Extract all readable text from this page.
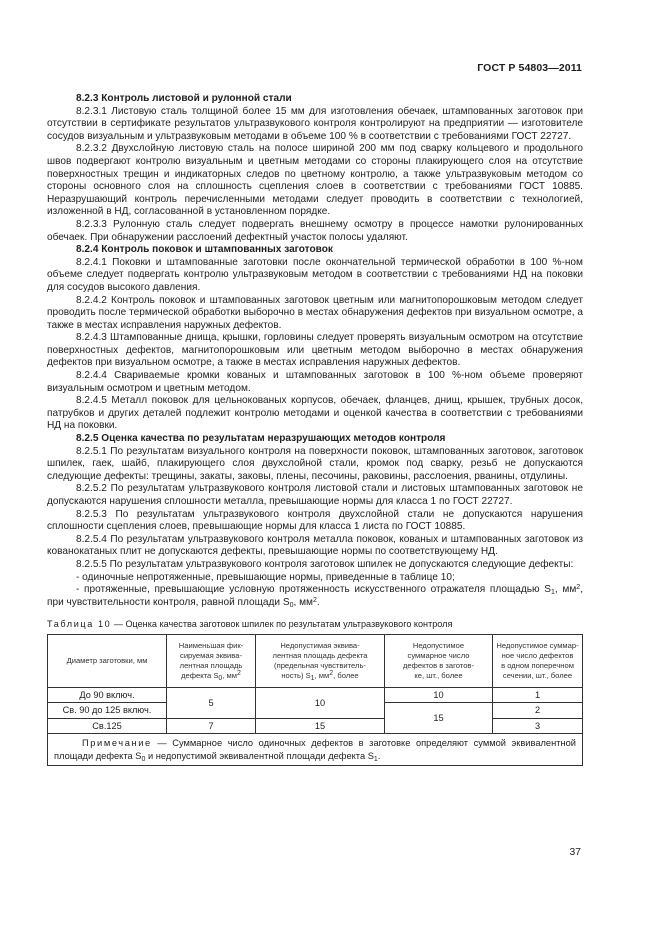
ГОСТ Р 54803—2011

8.2.3 Контроль листовой и рулонной стали

8.2.3.1 Листовую сталь толщиной более 15 мм для изготовления обечаек, штампованных заготовок при отсутствии в сертификате результатов ультразвукового контроля контролируют на предприятии — изготовителе сосудов визуальным и ультразвуковым методами в объеме 100 % в соответствии с требованиями ГОСТ 22727.

8.2.3.2 Двухслойную листовую сталь на полосе шириной 200 мм под сварку кольцевого и продольного швов подвергают контролю визуальным и цветным методами со стороны плакирующего слоя на отсутствие поверхностных трещин и индикаторных следов по цветному контролю, а также ультразвуковым методом со стороны основного слоя на сплошность сцепления слоев в соответствии с требованиями ГОСТ 10885. Неразрушающий контроль перечисленными методами следует проводить в соответствии с технологией, изложенной в НД, согласованной в установленном порядке.

8.2.3.3 Рулонную сталь следует подвергать внешнему осмотру в процессе намотки рулонированных обечаек. При обнаружении расслоений дефектный участок полосы удаляют.

8.2.4 Контроль поковок и штампованных заготовок

8.2.4.1 Поковки и штампованные заготовки после окончательной термической обработки в 100 %-ном объеме следует подвергать контролю ультразвуковым методом в соответствии с требованиями НД на поковки для сосудов высокого давления.

8.2.4.2 Контроль поковок и штампованных заготовок цветным или магнитопорошковым методом следует проводить после термической обработки выборочно в местах обнаружения дефектов при визуальном осмотре, а также в местах исправления наружных дефектов.

8.2.4.3 Штампованные днища, крышки, горловины следует проверять визуальным осмотром на отсутствие поверхностных дефектов, магнитопорошковым или цветным методом выборочно в местах обнаружения дефектов при визуальном осмотре, а также в местах исправления наружных дефектов.

8.2.4.4 Свариваемые кромки кованых и штампованных заготовок в 100 %-ном объеме проверяют визуальным осмотром и цветным методом.

8.2.4.5 Металл поковок для цельнокованых корпусов, обечаек, фланцев, днищ, крышек, трубных досок, патрубков и других деталей подлежит контролю методами и оценкой качества в соответствии с требованиями НД на поковки.

8.2.5 Оценка качества по результатам неразрушающих методов контроля

8.2.5.1 По результатам визуального контроля на поверхности поковок, штампованных заготовок, заготовок шпилек, гаек, шайб, плакирующего слоя двухслойной стали, кромок под сварку, резьб не допускаются следующие дефекты: трещины, закаты, заковы, плены, песочины, раковины, расслоения, рванины, отдулины.

8.2.5.2 По результатам ультразвукового контроля листовой стали и листовых штампованных заготовок не допускаются нарушения сплошности металла, превышающие нормы для класса 1 по ГОСТ 22727.

8.2.5.3 По результатам ультразвукового контроля двухслойной стали не допускаются нарушения сплошности сцепления слоев, превышающие нормы для класса 1 листа по ГОСТ 10885.

8.2.5.4 По результатам ультразвукового контроля металла поковок, кованых и штампованных заготовок из кованокатаных плит не допускаются дефекты, превышающие нормы по соответствующему НД.

8.2.5.5 По результатам ультразвукового контроля заготовок шпилек не допускаются следующие дефекты:

- одиночные непротяженные, превышающие нормы, приведенные в таблице 10;

- протяженные, превышающие условную протяженность искусственного отражателя площадью $S_1$, $мм^2$, при чувствительности контроля, равной площади $S_0$, $мм^2$.

Таблица 10 — Оценка качества заготовок шпилек по результатам ультразвукового контроля
Диаметр заготовки, мм	Наименьшая фик-
сируемая эквива-
лентная площадь
дефекта $S_0$, $мм^2$	Недопустимая эквива-
лентная площадь дефекта
(предельная чувствитель-
ность) $S_1$, $мм^2$, более	Недопустимое
суммарное число
дефектов в заготов-
ке, шт., более	Недопустимое суммар-
ное число дефектов
в одном поперечном
сечении, шт., более
До 90 включ.	5	10	10	1
Св. 90 до 125 включ.			15	2
Св.125	7	15		3
Примечание — Суммарное число одиночных дефектов в заготовке определяют суммой эквивалентной площади дефекта $S_0$ и недопустимой эквивалентной площади дефекта $S_1$.				
37
